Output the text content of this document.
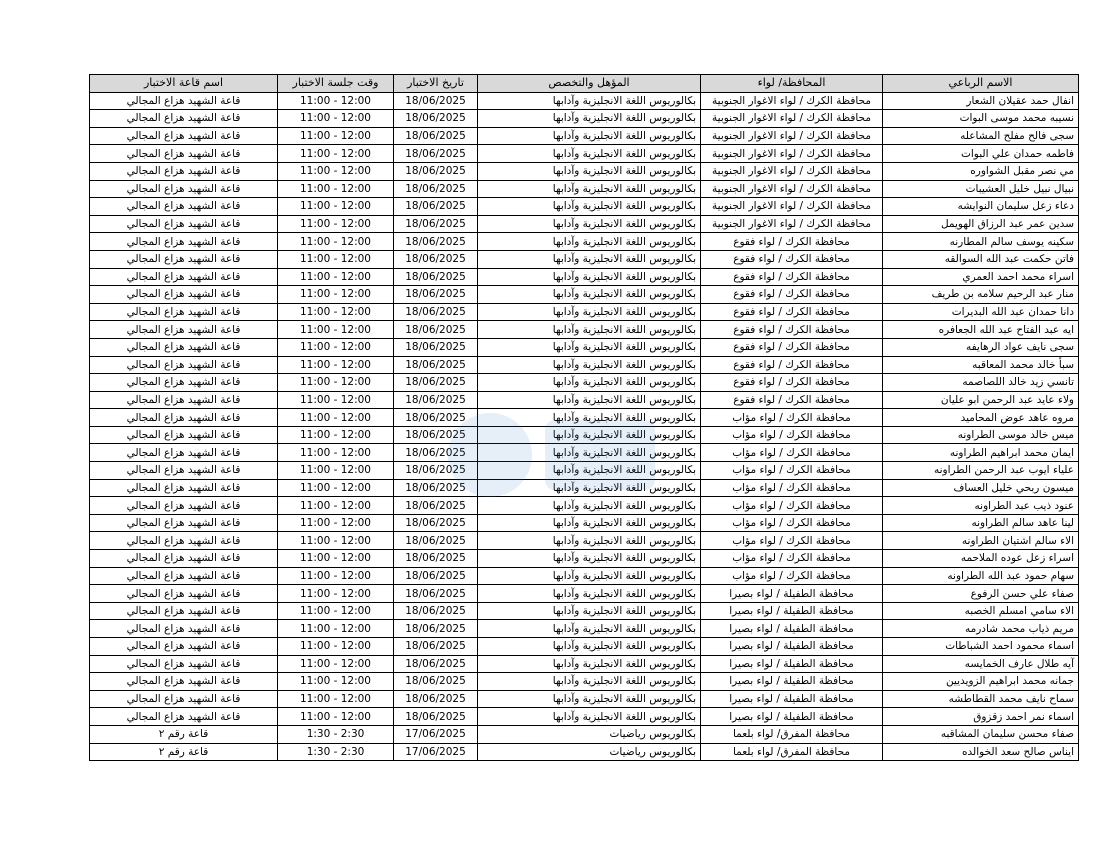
الاسم الرباعي	المحافظة/ لواء	المؤهل والتخصص	تاريخ الاختبار	وقت جلسة الاختبار	اسم قاعة الاختبار
انفال حمد عقيلان الشعار	محافظة الكرك / لواء الاغوار الجنوبية	بكالوريوس اللغة الانجليزية وآدابها	18/06/2025	11:00 - 12:00	قاعة الشهيد هزاع المجالي
نسيبه محمد موسى البوات	محافظة الكرك / لواء الاغوار الجنوبية	بكالوريوس اللغة الانجليزية وآدابها	18/06/2025	11:00 - 12:00	قاعة الشهيد هزاع المجالي
سجى فالح مفلح المشاعله	محافظة الكرك / لواء الاغوار الجنوبية	بكالوريوس اللغة الانجليزية وآدابها	18/06/2025	11:00 - 12:00	قاعة الشهيد هزاع المجالي
فاطمه حمدان علي البوات	محافظة الكرك / لواء الاغوار الجنوبية	بكالوريوس اللغة الانجليزية وآدابها	18/06/2025	11:00 - 12:00	قاعة الشهيد هزاع المجالي
مي نصر مقبل الشواوره	محافظة الكرك / لواء الاغوار الجنوبية	بكالوريوس اللغة الانجليزية وآدابها	18/06/2025	11:00 - 12:00	قاعة الشهيد هزاع المجالي
نبيال نبيل خليل العشيبات	محافظة الكرك / لواء الاغوار الجنوبية	بكالوريوس اللغة الانجليزية وآدابها	18/06/2025	11:00 - 12:00	قاعة الشهيد هزاع المجالي
دعاء زعل سليمان النوايشه	محافظة الكرك / لواء الاغوار الجنوبية	بكالوريوس اللغة الانجليزية وآدابها	18/06/2025	11:00 - 12:00	قاعة الشهيد هزاع المجالي
سدين عمر عبد الرزاق الهويمل	محافظة الكرك / لواء الاغوار الجنوبية	بكالوريوس اللغة الانجليزية وآدابها	18/06/2025	11:00 - 12:00	قاعة الشهيد هزاع المجالي
سكينه يوسف سالم المطارنه	محافظة الكرك / لواء فقوع	بكالوريوس اللغة الانجليزية وآدابها	18/06/2025	11:00 - 12:00	قاعة الشهيد هزاع المجالي
فاتن حكمت عبد الله السوالقه	محافظة الكرك / لواء فقوع	بكالوريوس اللغة الانجليزية وآدابها	18/06/2025	11:00 - 12:00	قاعة الشهيد هزاع المجالي
اسراء محمد احمد العمري	محافظة الكرك / لواء فقوع	بكالوريوس اللغة الانجليزية وآدابها	18/06/2025	11:00 - 12:00	قاعة الشهيد هزاع المجالي
منار عبد الرحيم سلامه بن طريف	محافظة الكرك / لواء فقوع	بكالوريوس اللغة الانجليزية وآدابها	18/06/2025	11:00 - 12:00	قاعة الشهيد هزاع المجالي
دانا حمدان عبد الله البديرات	محافظة الكرك / لواء فقوع	بكالوريوس اللغة الانجليزية وآدابها	18/06/2025	11:00 - 12:00	قاعة الشهيد هزاع المجالي
ايه عبد الفتاح عبد الله الجعافره	محافظة الكرك / لواء فقوع	بكالوريوس اللغة الانجليزية وآدابها	18/06/2025	11:00 - 12:00	قاعة الشهيد هزاع المجالي
سجى نايف عواد الرهايفه	محافظة الكرك / لواء فقوع	بكالوريوس اللغة الانجليزية وآدابها	18/06/2025	11:00 - 12:00	قاعة الشهيد هزاع المجالي
سبأ خالد محمد المعاقبه	محافظة الكرك / لواء فقوع	بكالوريوس اللغة الانجليزية وآدابها	18/06/2025	11:00 - 12:00	قاعة الشهيد هزاع المجالي
تانسي زيد خالد اللصاصمه	محافظة الكرك / لواء فقوع	بكالوريوس اللغة الانجليزية وآدابها	18/06/2025	11:00 - 12:00	قاعة الشهيد هزاع المجالي
ولاء عايد عبد الرحمن ابو عليان	محافظة الكرك / لواء فقوع	بكالوريوس اللغة الانجليزية وآدابها	18/06/2025	11:00 - 12:00	قاعة الشهيد هزاع المجالي
مروه عاهد عوض المحاميد	محافظة الكرك / لواء مؤاب	بكالوريوس اللغة الانجليزية وآدابها	18/06/2025	11:00 - 12:00	قاعة الشهيد هزاع المجالي
ميس خالد موسى الطراونه	محافظة الكرك / لواء مؤاب	بكالوريوس اللغة الانجليزية وآدابها	18/06/2025	11:00 - 12:00	قاعة الشهيد هزاع المجالي
ايمان محمد ابراهيم الطراونه	محافظة الكرك / لواء مؤاب	بكالوريوس اللغة الانجليزية وآدابها	18/06/2025	11:00 - 12:00	قاعة الشهيد هزاع المجالي
علياء ايوب عبد الرحمن الطراونه	محافظة الكرك / لواء مؤاب	بكالوريوس اللغة الانجليزية وآدابها	18/06/2025	11:00 - 12:00	قاعة الشهيد هزاع المجالي
ميسون ربحي خليل العساف	محافظة الكرك / لواء مؤاب	بكالوريوس اللغة الانجليزية وآدابها	18/06/2025	11:00 - 12:00	قاعة الشهيد هزاع المجالي
عنود ذيب عبد الطراونه	محافظة الكرك / لواء مؤاب	بكالوريوس اللغة الانجليزية وآدابها	18/06/2025	11:00 - 12:00	قاعة الشهيد هزاع المجالي
لينا عاهد سالم الطراونه	محافظة الكرك / لواء مؤاب	بكالوريوس اللغة الانجليزية وآدابها	18/06/2025	11:00 - 12:00	قاعة الشهيد هزاع المجالي
الاء سالم اشتيان الطراونه	محافظة الكرك / لواء مؤاب	بكالوريوس اللغة الانجليزية وآدابها	18/06/2025	11:00 - 12:00	قاعة الشهيد هزاع المجالي
اسراء زعل عوده الملاحمه	محافظة الكرك / لواء مؤاب	بكالوريوس اللغة الانجليزية وآدابها	18/06/2025	11:00 - 12:00	قاعة الشهيد هزاع المجالي
سهام حمود عبد الله الطراونه	محافظة الكرك / لواء مؤاب	بكالوريوس اللغة الانجليزية وآدابها	18/06/2025	11:00 - 12:00	قاعة الشهيد هزاع المجالي
صفاء علي حسن الرفوع	محافظة الطفيلة / لواء بصيرا	بكالوريوس اللغة الانجليزية وآدابها	18/06/2025	11:00 - 12:00	قاعة الشهيد هزاع المجالي
الاء سامي امسلم الخصبه	محافظة الطفيلة / لواء بصيرا	بكالوريوس اللغة الانجليزية وآدابها	18/06/2025	11:00 - 12:00	قاعة الشهيد هزاع المجالي
مريم ذياب محمد شادرمه	محافظة الطفيلة / لواء بصيرا	بكالوريوس اللغة الانجليزية وآدابها	18/06/2025	11:00 - 12:00	قاعة الشهيد هزاع المجالي
اسماء محمود احمد الشباطات	محافظة الطفيلة / لواء بصيرا	بكالوريوس اللغة الانجليزية وآدابها	18/06/2025	11:00 - 12:00	قاعة الشهيد هزاع المجالي
آيه طلال عارف الخمايسه	محافظة الطفيلة / لواء بصيرا	بكالوريوس اللغة الانجليزية وآدابها	18/06/2025	11:00 - 12:00	قاعة الشهيد هزاع المجالي
جمانه محمد ابراهيم الزويديين	محافظة الطفيلة / لواء بصيرا	بكالوريوس اللغة الانجليزية وآدابها	18/06/2025	11:00 - 12:00	قاعة الشهيد هزاع المجالي
سماح نايف محمد القطاطشه	محافظة الطفيلة / لواء بصيرا	بكالوريوس اللغة الانجليزية وآدابها	18/06/2025	11:00 - 12:00	قاعة الشهيد هزاع المجالي
اسماء نمر احمد زقزوق	محافظة الطفيلة / لواء بصيرا	بكالوريوس اللغة الانجليزية وآدابها	18/06/2025	11:00 - 12:00	قاعة الشهيد هزاع المجالي
صفاء محسن سليمان المشاقبه	محافظة المفرق/ لواء بلعما	بكالوريوس رياضيات	17/06/2025	1:30 - 2:30	قاعة رقم ٢
ايناس صالح سعد الخوالده	محافظة المفرق/ لواء بلعما	بكالوريوس رياضيات	17/06/2025	1:30 - 2:30	قاعة رقم ٢
